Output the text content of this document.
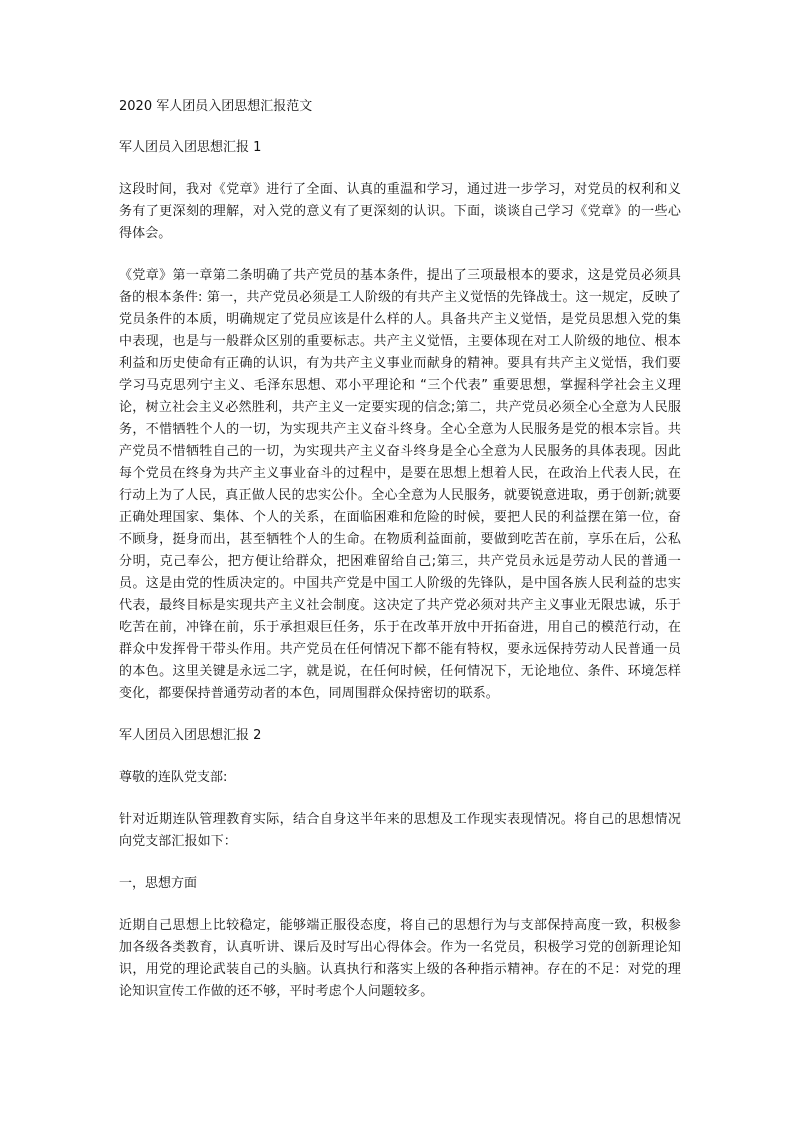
2020 军人团员入团思想汇报范文
军人团员入团思想汇报 1
这段时间，我对《党章》进行了全面、认真的重温和学习，通过进一步学习，对党员的权利和义务有了更深刻的理解，对入党的意义有了更深刻的认识。下面，谈谈自己学习《党章》的一些心得体会。
《党章》第一章第二条明确了共产党员的基本条件，提出了三项最根本的要求，这是党员必须具备的根本条件: 第一，共产党员必须是工人阶级的有共产主义觉悟的先锋战士。这一规定，反映了党员条件的本质，明确规定了党员应该是什么样的人。具备共产主义觉悟，是党员思想入党的集中表现，也是与一般群众区别的重要标志。共产主义觉悟，主要体现在对工人阶级的地位、根本利益和历史使命有正确的认识，有为共产主义事业而献身的精神。要具有共产主义觉悟，我们要学习马克思列宁主义、毛泽东思想、邓小平理论和 “三个代表” 重要思想，掌握科学社会主义理论，树立社会主义必然胜利，共产主义一定要实现的信念;第二，共产党员必须全心全意为人民服务，不惜牺牲个人的一切，为实现共产主义奋斗终身。全心全意为人民服务是党的根本宗旨。共产党员不惜牺牲自己的一切，为实现共产主义奋斗终身是全心全意为人民服务的具体表现。因此每个党员在终身为共产主义事业奋斗的过程中，是要在思想上想着人民，在政治上代表人民，在行动上为了人民，真正做人民的忠实公仆。全心全意为人民服务，就要锐意进取，勇于创新;就要正确处理国家、集体、个人的关系，在面临困难和危险的时候，要把人民的利益摆在第一位，奋不顾身，挺身而出，甚至牺牲个人的生命。在物质利益面前，要做到吃苦在前，享乐在后，公私分明，克己奉公，把方便让给群众，把困难留给自己;第三，共产党员永远是劳动人民的普通一员。这是由党的性质决定的。中国共产党是中国工人阶级的先锋队，是中国各族人民利益的忠实代表，最终目标是实现共产主义社会制度。这决定了共产党必须对共产主义事业无限忠诚，乐于吃苦在前，冲锋在前，乐于承担艰巨任务，乐于在改革开放中开拓奋进，用自己的模范行动，在群众中发挥骨干带头作用。共产党员在任何情况下都不能有特权，要永远保持劳动人民普通一员的本色。这里关键是永远二字，就是说，在任何时候，任何情况下，无论地位、条件、环境怎样变化，都要保持普通劳动者的本色，同周围群众保持密切的联系。
军人团员入团思想汇报 2
尊敬的连队党支部:
针对近期连队管理教育实际，结合自身这半年来的思想及工作现实表现情况。将自己的思想情况向党支部汇报如下：
一，思想方面
近期自己思想上比较稳定，能够端正服役态度，将自己的思想行为与支部保持高度一致，积极参加各级各类教育，认真听讲、课后及时写出心得体会。作为一名党员，积极学习党的创新理论知识，用党的理论武装自己的头脑。认真执行和落实上级的各种指示精神。存在的不足：对党的理论知识宣传工作做的还不够，平时考虑个人问题较多。
